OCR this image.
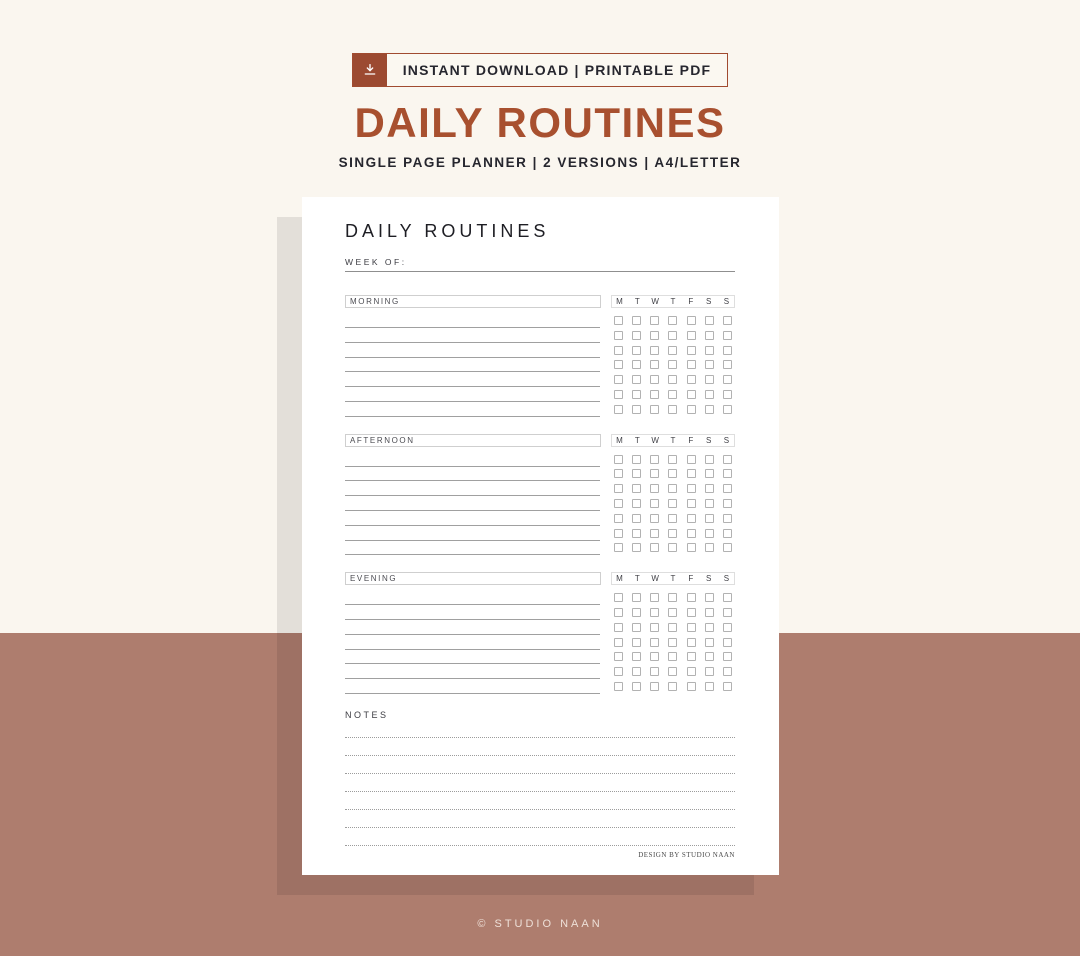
INSTANT DOWNLOAD | PRINTABLE PDF
DAILY ROUTINES
SINGLE PAGE PLANNER | 2 VERSIONS | A4/LETTER
DAILY ROUTINES
WEEK OF:
MORNING	M T W T F S S
AFTERNOON	M T W T F S S
EVENING	M T W T F S S
NOTES
DESIGN BY STUDIO NAAN
© STUDIO NAAN
